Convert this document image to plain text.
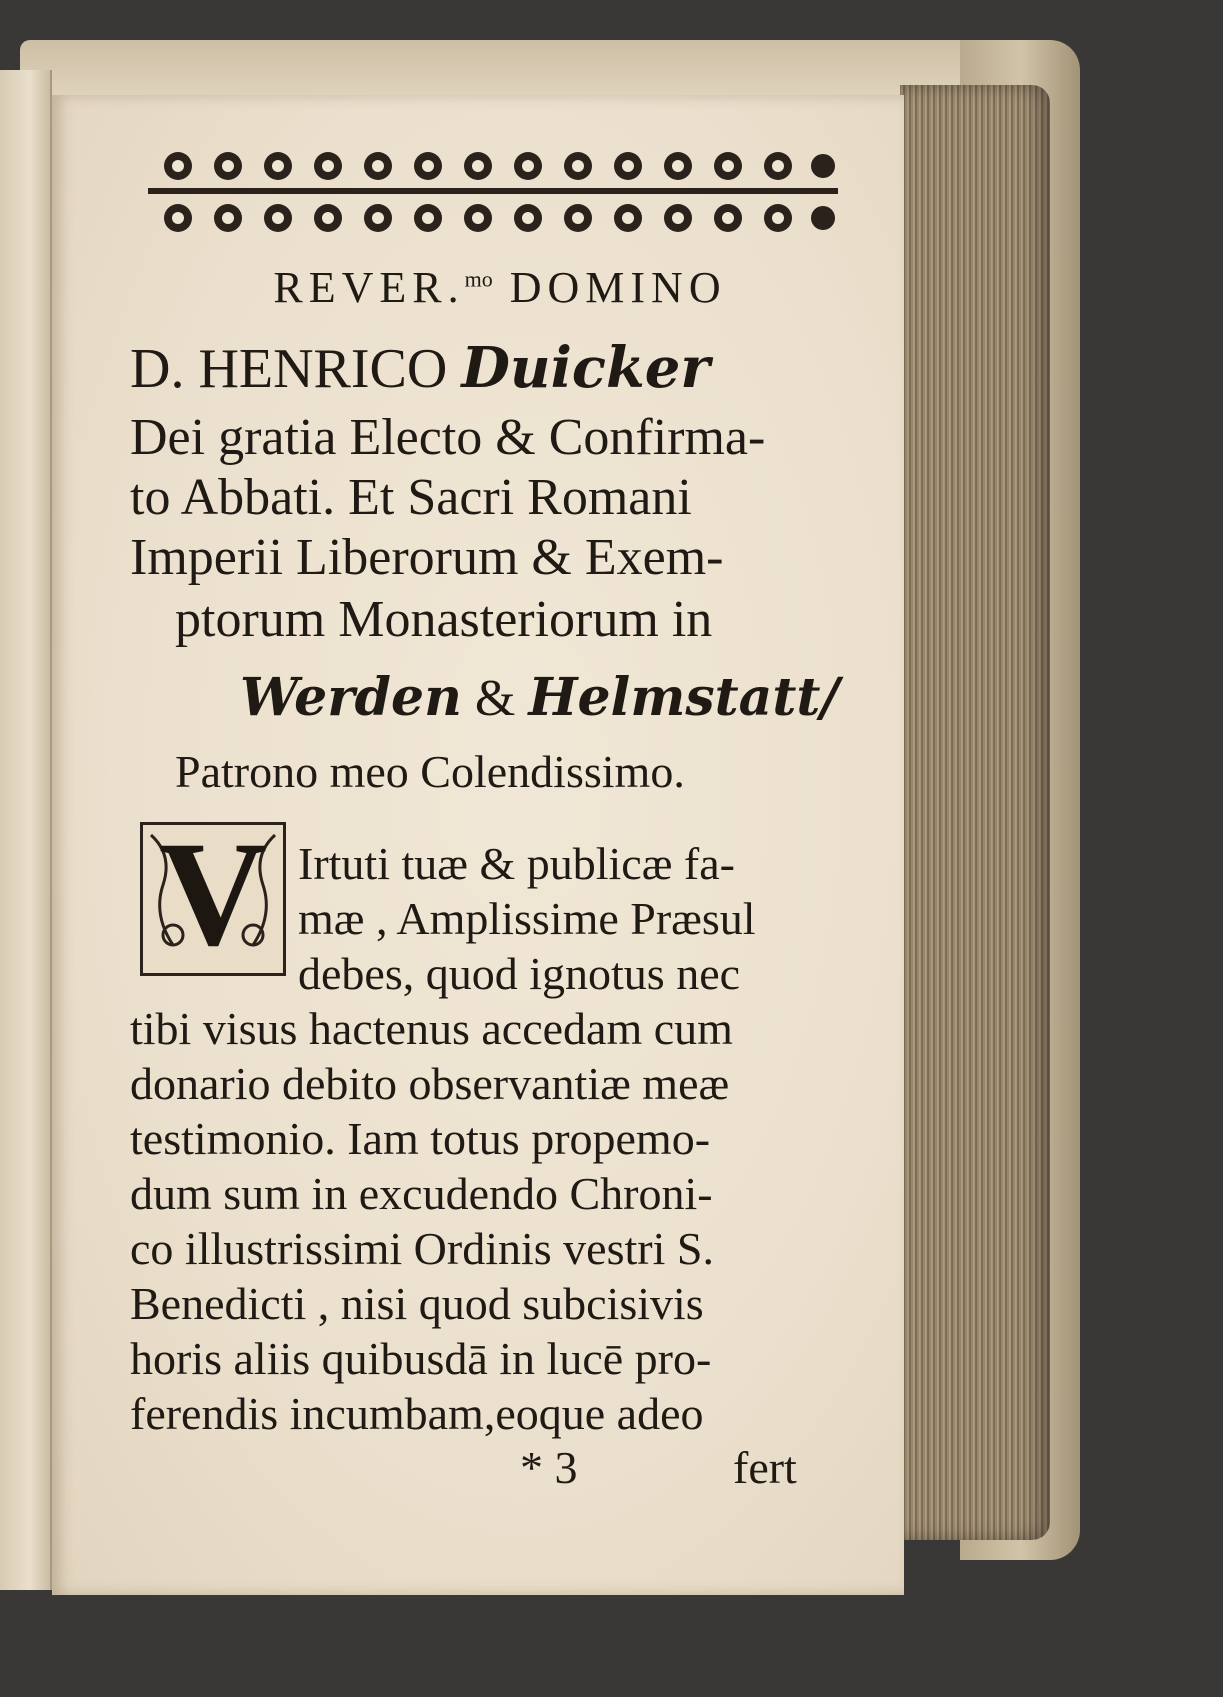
REVER.$^{mo}$ DOMINO
D. HENRICO Duicker
Dei gratia Electo & Confirma-
to Abbati. Et Sacri Romani
Imperii Liberorum & Exem-
ptorum Monasteriorum in
Werden & Helmstatt/
Patrono meo Colendissimo.
V Irtuti tuæ & publicæ fa-
mæ , Amplissime Præsul
debes, quod ignotus nec
tibi visus hactenus accedam cum
donario debito observantiæ meæ
testimonio. Iam totus propemo-
dum sum in excudendo Chroni-
co illustrissimi Ordinis vestri S.
Benedicti , nisi quod subcisivis
horis aliis quibusdā in lucē pro-
ferendis incumbam,eoque adeo
* 3	fert
